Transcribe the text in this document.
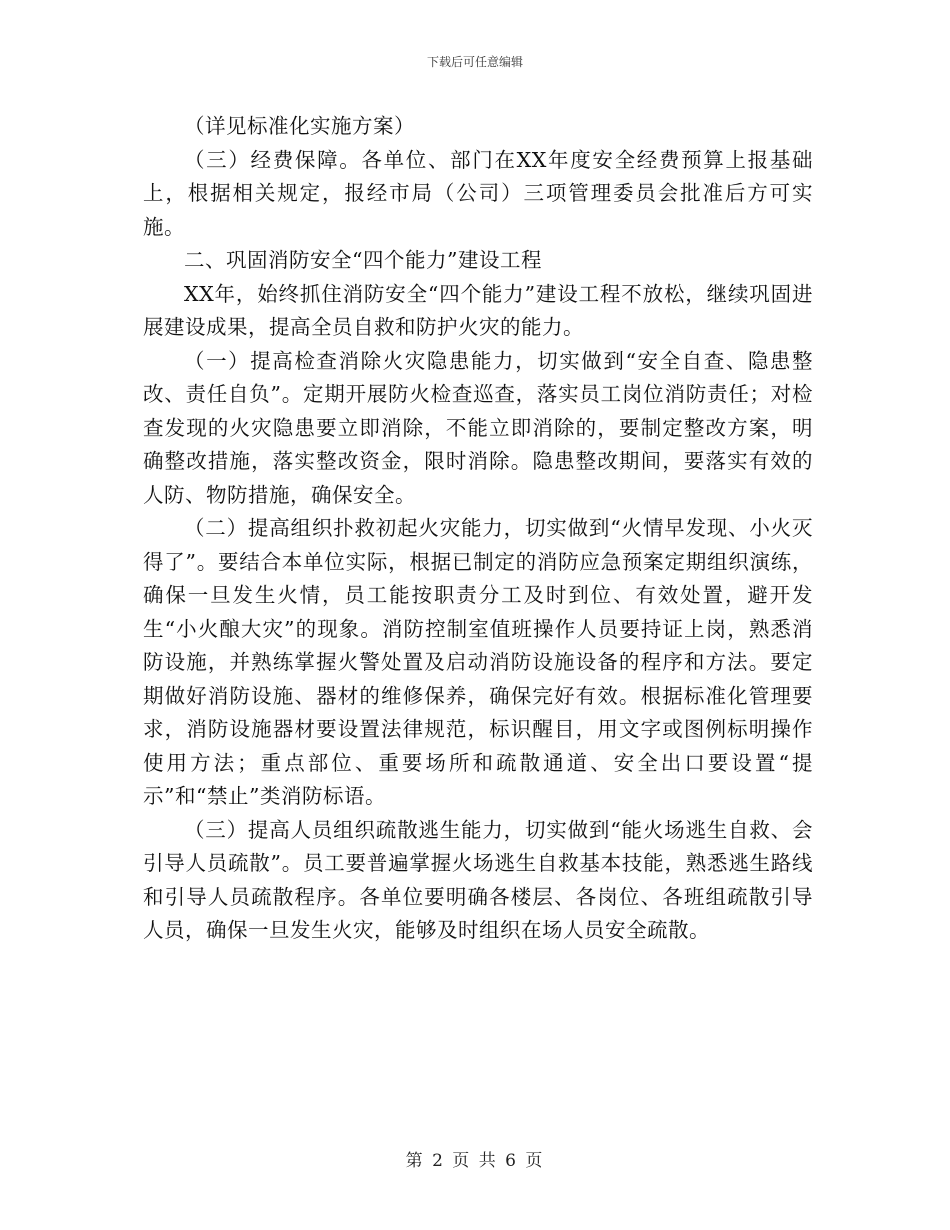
下载后可任意编辑

（详见标准化实施方案）

（三）经费保障。各单位、部门在XX年度安全经费预算上报基础上，根据相关规定，报经市局（公司）三项管理委员会批准后方可实施。

二、巩固消防安全“四个能力”建设工程

XX年，始终抓住消防安全“四个能力”建设工程不放松，继续巩固进展建设成果，提高全员自救和防护火灾的能力。

（一）提高检查消除火灾隐患能力，切实做到“安全自查、隐患整改、责任自负”。定期开展防火检查巡查，落实员工岗位消防责任；对检查发现的火灾隐患要立即消除，不能立即消除的，要制定整改方案，明确整改措施，落实整改资金，限时消除。隐患整改期间，要落实有效的人防、物防措施，确保安全。

（二）提高组织扑救初起火灾能力，切实做到“火情早发现、小火灭得了”。要结合本单位实际，根据已制定的消防应急预案定期组织演练，确保一旦发生火情，员工能按职责分工及时到位、有效处置，避开发生“小火酿大灾”的现象。消防控制室值班操作人员要持证上岗，熟悉消防设施，并熟练掌握火警处置及启动消防设施设备的程序和方法。要定期做好消防设施、器材的维修保养，确保完好有效。根据标准化管理要求，消防设施器材要设置法律规范，标识醒目，用文字或图例标明操作使用方法；重点部位、重要场所和疏散通道、安全出口要设置“提示”和“禁止”类消防标语。

（三）提高人员组织疏散逃生能力，切实做到“能火场逃生自救、会引导人员疏散”。员工要普遍掌握火场逃生自救基本技能，熟悉逃生路线和引导人员疏散程序。各单位要明确各楼层、各岗位、各班组疏散引导人员，确保一旦发生火灾，能够及时组织在场人员安全疏散。

第 2 页 共 6 页
